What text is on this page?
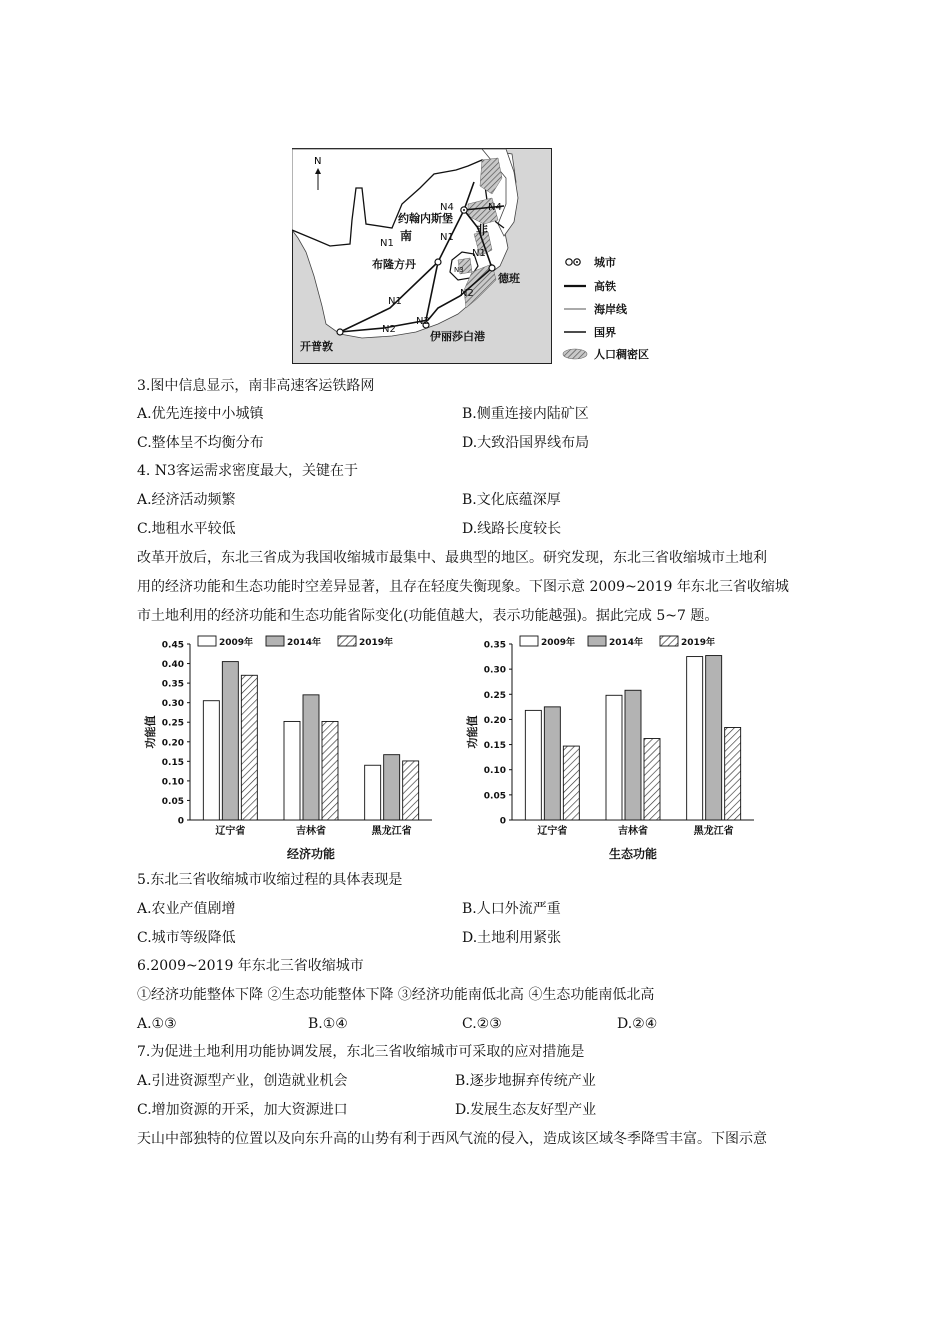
N
约翰内斯堡
南	非
布隆方丹
德班
开普敦
伊丽莎白港
N1
N1
N1
N1
N2
N2
N2
N3
N4	N4
城市
高铁
海岸线
国界
人口稠密区
3.图中信息显示，南非高速客运铁路网
A.优先连接中小城镇	B.侧重连接内陆矿区
C.整体呈不均衡分布	D.大致沿国界线布局
4. N3客运需求密度最大，关键在于
A.经济活动频繁	B.文化底蕴深厚
C.地租水平较低	D.线路长度较长
改革开放后，东北三省成为我国收缩城市最集中、最典型的地区。研究发现，东北三省收缩城市土地利
用的经济功能和生态功能时空差异显著，且存在轻度失衡现象。下图示意 2009~2019 年东北三省收缩城
市土地利用的经济功能和生态功能省际变化(功能值越大，表示功能越强)。据此完成 5~7 题。
0
0.05
0.10
0.15
0.20
0.25
0.30
0.35
0.40
0.45
功能值
2009年	2014年	2019年
辽宁省	吉林省	黑龙江省
经济功能
0
0.05
0.10
0.15
0.20
0.25
0.30
0.35
功能值
2009年	2014年	2019年
辽宁省	吉林省	黑龙江省
生态功能
5.东北三省收缩城市收缩过程的具体表现是
A.农业产值剧增	B.人口外流严重
C.城市等级降低	D.土地利用紧张
6.2009~2019 年东北三省收缩城市
①经济功能整体下降 ②生态功能整体下降 ③经济功能南低北高 ④生态功能南低北高
A.①③	B.①④	C.②③	D.②④
7.为促进土地利用功能协调发展，东北三省收缩城市可采取的应对措施是
A.引进资源型产业，创造就业机会	B.逐步地摒弃传统产业
C.增加资源的开采，加大资源进口	D.发展生态友好型产业
天山中部独特的位置以及向东升高的山势有利于西风气流的侵入，造成该区域冬季降雪丰富。下图示意
